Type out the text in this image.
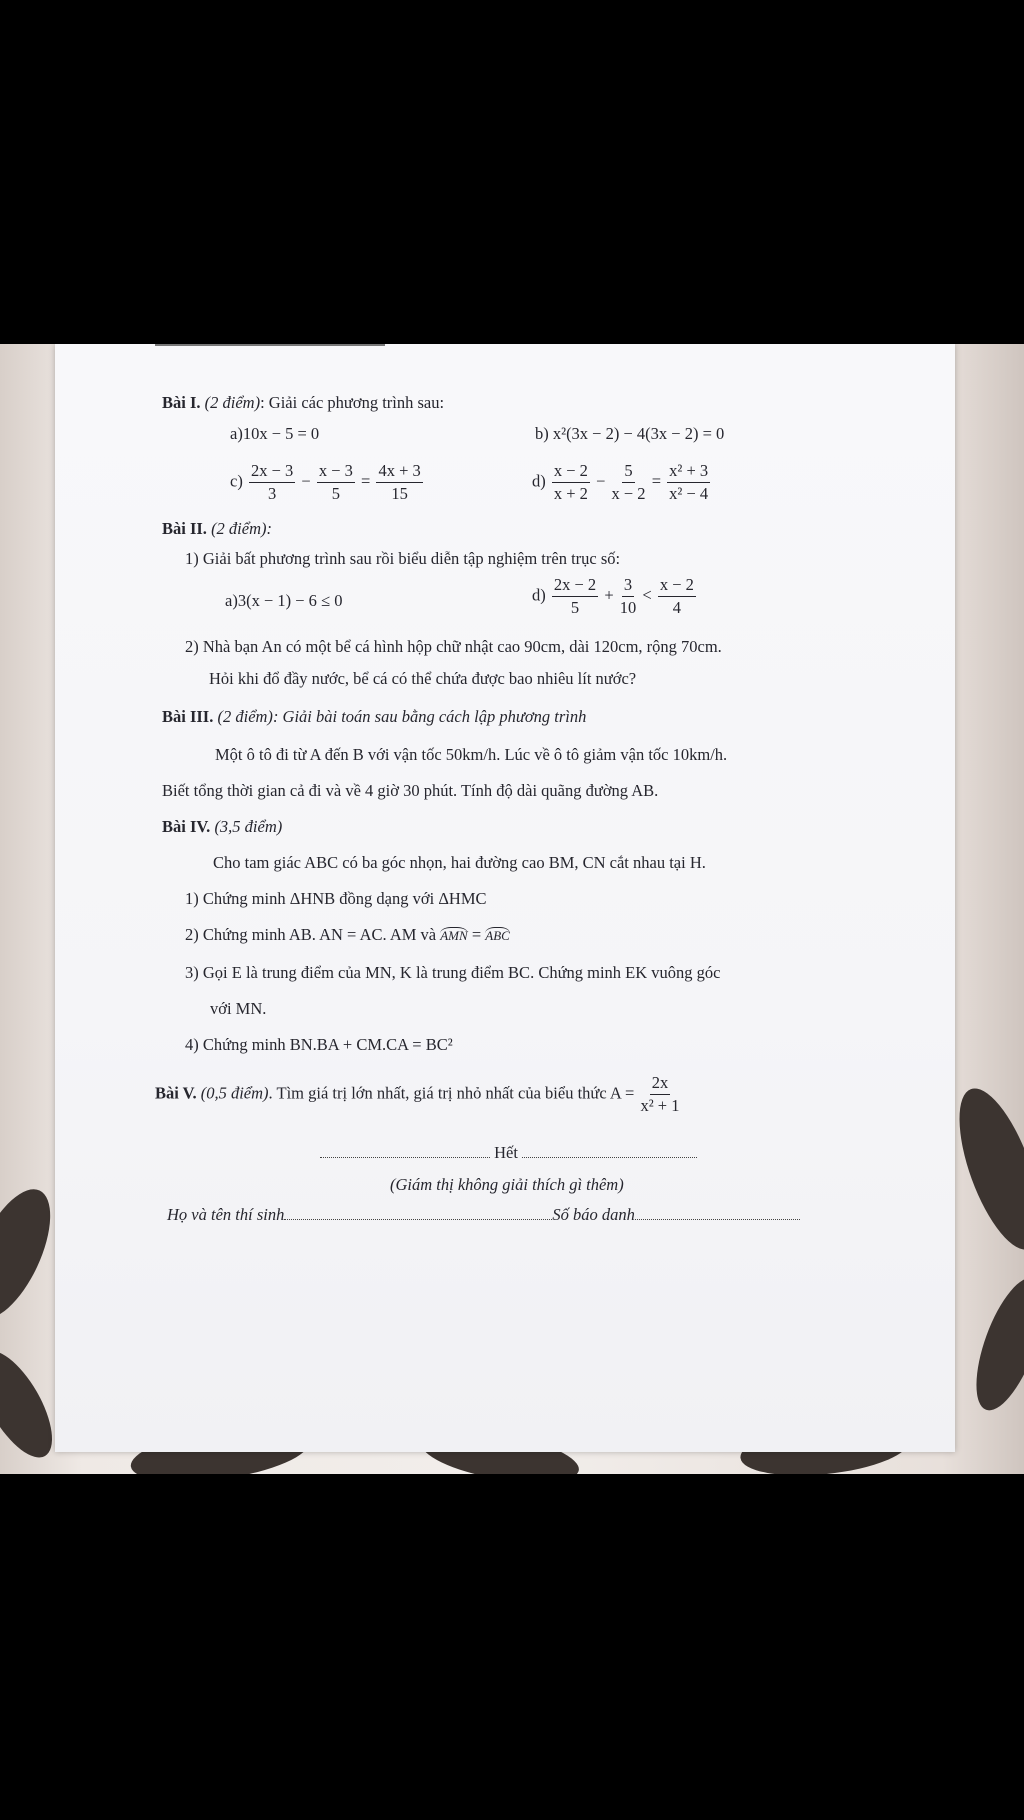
Bài I. (2 điểm): Giải các phương trình sau:
a)10x − 5 = 0	b) x²(3x − 2) − 4(3x − 2) = 0
$c) \frac{2x - 3}{3} - \frac{x - 3}{5} = \frac{4x + 3}{15}$	$d) \frac{x - 2}{x + 2} - \frac{5}{x - 2} = \frac{\text{x² + 3}}{\text{x² − 4}}$
Bài II. (2 điểm):
1) Giải bất phương trình sau rồi biểu diễn tập nghiệm trên trục số:
a)3(x − 1) − 6 ≤ 0	$d) \frac{2x - 2}{5} + \frac{3}{10} < \frac{x - 2}{4}$
2) Nhà bạn An có một bể cá hình hộp chữ nhật cao 90cm, dài 120cm, rộng 70cm.
Hỏi khi đổ đầy nước, bể cá có thể chứa được bao nhiêu lít nước?
Bài III. (2 điểm): Giải bài toán sau bằng cách lập phương trình
Một ô tô đi từ A đến B với vận tốc 50km/h. Lúc về ô tô giảm vận tốc 10km/h.
Biết tổng thời gian cả đi và về 4 giờ 30 phút. Tính độ dài quãng đường AB.
Bài IV. (3,5 điểm)
Cho tam giác ABC có ba góc nhọn, hai đường cao BM, CN cắt nhau tại H.
1) Chứng minh ΔHNB đồng dạng với ΔHMC
2) Chứng minh AB. AN = AC. AM và AMN = ABC
3) Gọi E là trung điểm của MN, K là trung điểm BC. Chứng minh EK vuông góc
với MN.
4) Chứng minh BN.BA + CM.CA = BC²
Bài V. (0,5 điểm). Tìm giá trị lớn nhất, giá trị nhỏ nhất của biểu thức $A = \frac{2x}{\text{x² + 1}}$
Hết
(Giám thị không giải thích gì thêm)
Họ và tên thí sinh	Số báo danh
